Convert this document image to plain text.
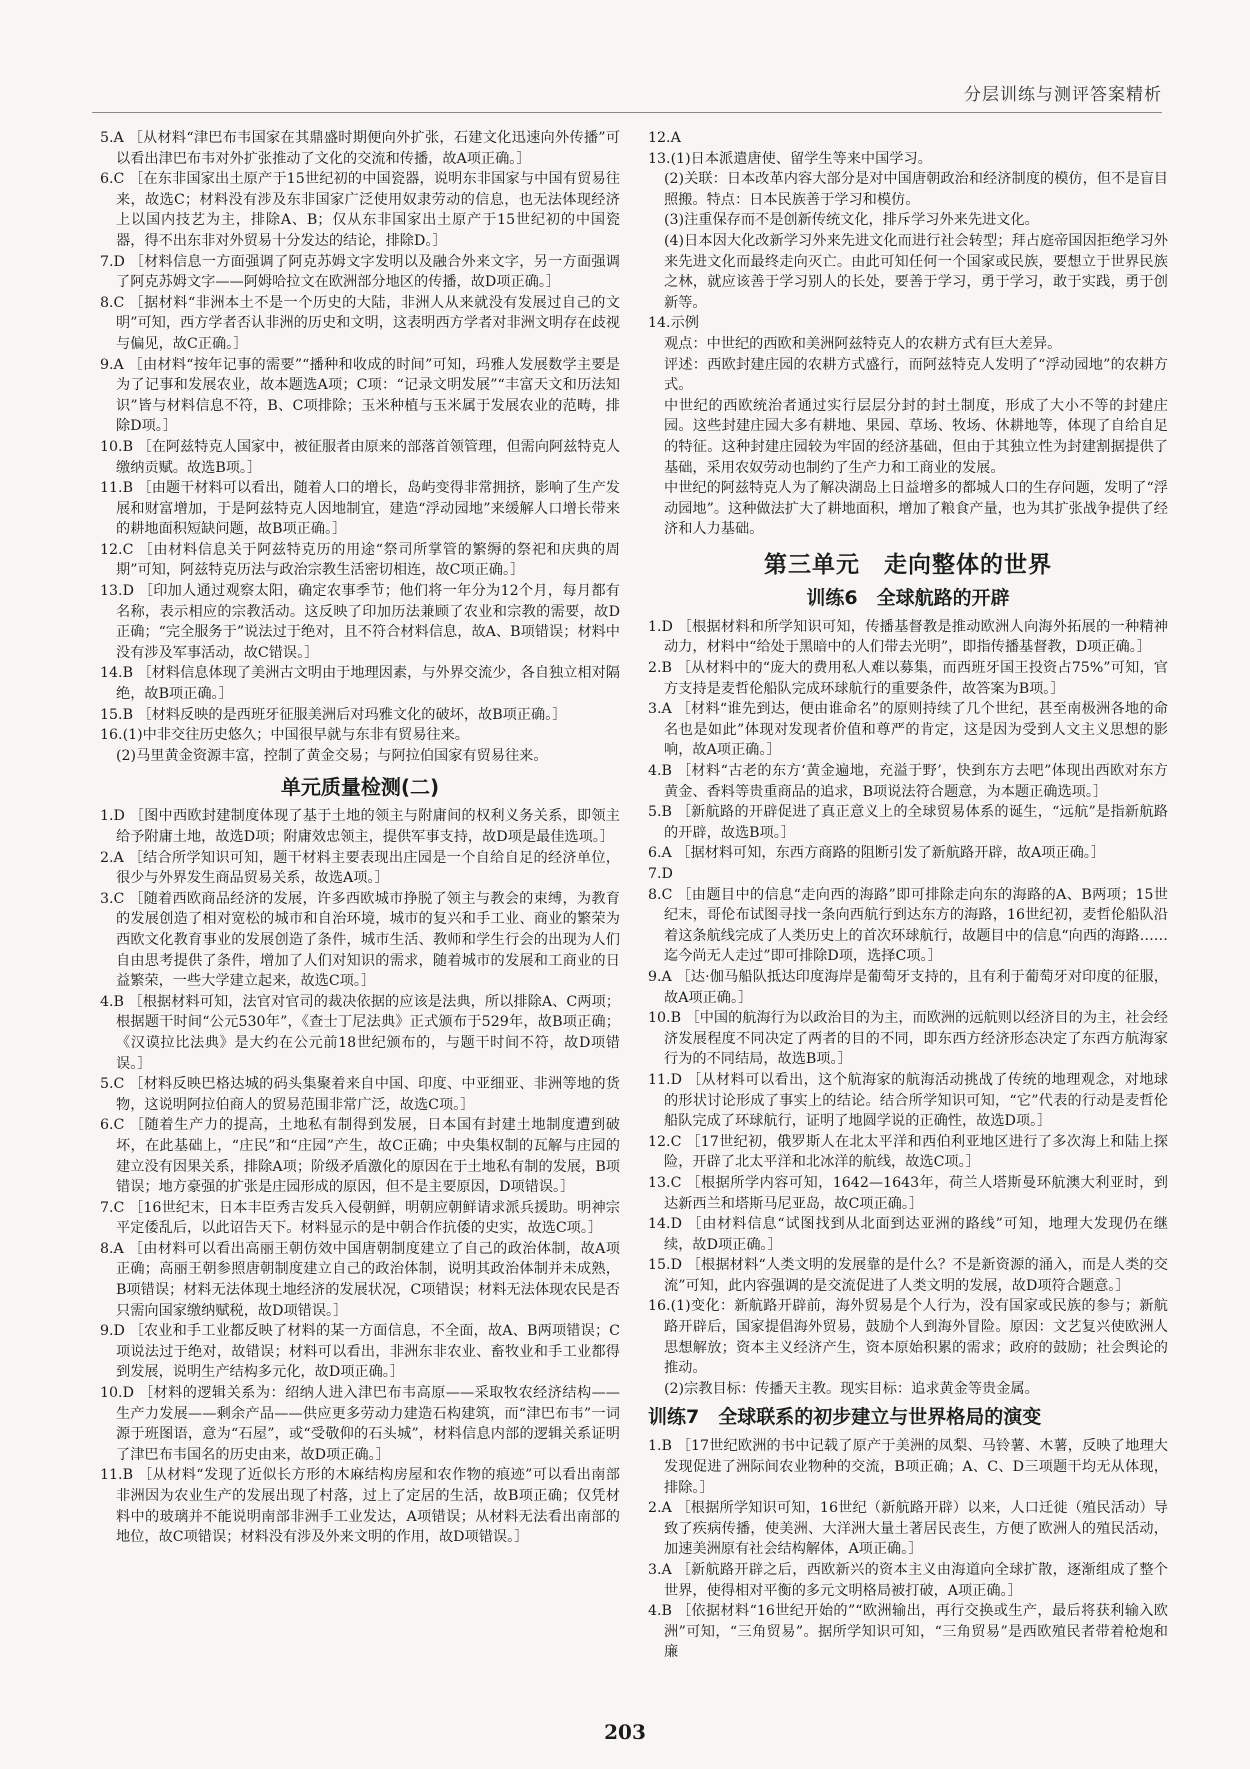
分层训练与测评答案精析

5.A ［从材料“津巴布韦国家在其鼎盛时期便向外扩张，石建文化迅速向外传播”可以看出津巴布韦对外扩张推动了文化的交流和传播，故A项正确。］

6.C ［在东非国家出土原产于15世纪初的中国瓷器，说明东非国家与中国有贸易往来，故选C；材料没有涉及东非国家广泛使用奴隶劳动的信息，也无法体现经济上以国内技艺为主，排除A、B；仅从东非国家出土原产于15世纪初的中国瓷器，得不出东非对外贸易十分发达的结论，排除D。］

7.D ［材料信息一方面强调了阿克苏姆文字发明以及融合外来文字，另一方面强调了阿克苏姆文字——阿姆哈拉文在欧洲部分地区的传播，故D项正确。］

8.C ［据材料“非洲本土不是一个历史的大陆，非洲人从来就没有发展过自己的文明”可知，西方学者否认非洲的历史和文明，这表明西方学者对非洲文明存在歧视与偏见，故C正确。］

9.A ［由材料“按年记事的需要”“播种和收成的时间”可知，玛雅人发展数学主要是为了记事和发展农业，故本题选A项；C项：“记录文明发展”“丰富天文和历法知识”皆与材料信息不符，B、C项排除；玉米种植与玉米属于发展农业的范畴，排除D项。］

10.B ［在阿兹特克人国家中，被征服者由原来的部落首领管理，但需向阿兹特克人缴纳贡赋。故选B项。］

11.B ［由题干材料可以看出，随着人口的增长，岛屿变得非常拥挤，影响了生产发展和财富增加，于是阿兹特克人因地制宜，建造“浮动园地”来缓解人口增长带来的耕地面积短缺问题，故B项正确。］

12.C ［由材料信息关于阿兹特克历的用途“祭司所掌管的繁缛的祭祀和庆典的周期”可知，阿兹特克历法与政治宗教生活密切相连，故C项正确。］

13.D ［印加人通过观察太阳，确定农事季节；他们将一年分为12个月，每月都有名称，表示相应的宗教活动。这反映了印加历法兼顾了农业和宗教的需要，故D正确；“完全服务于”说法过于绝对，且不符合材料信息，故A、B项错误；材料中没有涉及军事活动，故C错误。］

14.B ［材料信息体现了美洲古文明由于地理因素，与外界交流少，各自独立相对隔绝，故B项正确。］

15.B ［材料反映的是西班牙征服美洲后对玛雅文化的破坏，故B项正确。］

16.(1)中非交往历史悠久；中国很早就与东非有贸易往来。

(2)马里黄金资源丰富，控制了黄金交易；与阿拉伯国家有贸易往来。

单元质量检测(二)

1.D ［图中西欧封建制度体现了基于土地的领主与附庸间的权利义务关系，即领主给予附庸土地，故选D项；附庸效忠领主，提供军事支持，故D项是最佳选项。］

2.A ［结合所学知识可知，题干材料主要表现出庄园是一个自给自足的经济单位，很少与外界发生商品贸易关系，故选A项。］

3.C ［随着西欧商品经济的发展，许多西欧城市挣脱了领主与教会的束缚，为教育的发展创造了相对宽松的城市和自治环境，城市的复兴和手工业、商业的繁荣为西欧文化教育事业的发展创造了条件，城市生活、教师和学生行会的出现为人们自由思考提供了条件，增加了人们对知识的需求，随着城市的发展和工商业的日益繁荣，一些大学建立起来，故选C项。］

4.B ［根据材料可知，法官对官司的裁决依据的应该是法典，所以排除A、C两项；根据题干时间“公元530年”，《查士丁尼法典》正式颁布于529年，故B项正确；《汉谟拉比法典》是大约在公元前18世纪颁布的，与题干时间不符，故D项错误。］

5.C ［材料反映巴格达城的码头集聚着来自中国、印度、中亚细亚、非洲等地的货物，这说明阿拉伯商人的贸易范围非常广泛，故选C项。］

6.C ［随着生产力的提高，土地私有制得到发展，日本国有封建土地制度遭到破坏，在此基础上，“庄民”和“庄园”产生，故C正确；中央集权制的瓦解与庄园的建立没有因果关系，排除A项；阶级矛盾激化的原因在于土地私有制的发展，B项错误；地方豪强的扩张是庄园形成的原因，但不是主要原因，D项错误。］

7.C ［16世纪末，日本丰臣秀吉发兵入侵朝鲜，明朝应朝鲜请求派兵援助。明神宗平定倭乱后，以此诏告天下。材料显示的是中朝合作抗倭的史实，故选C项。］

8.A ［由材料可以看出高丽王朝仿效中国唐朝制度建立了自己的政治体制，故A项正确；高丽王朝参照唐朝制度建立自己的政治体制，说明其政治体制并未成熟，B项错误；材料无法体现土地经济的发展状况，C项错误；材料无法体现农民是否只需向国家缴纳赋税，故D项错误。］

9.D ［农业和手工业都反映了材料的某一方面信息，不全面，故A、B两项错误；C项说法过于绝对，故错误；材料可以看出，非洲东非农业、畜牧业和手工业都得到发展，说明生产结构多元化，故D项正确。］

10.D ［材料的逻辑关系为：绍纳人进入津巴布韦高原——采取牧农经济结构——生产力发展——剩余产品——供应更多劳动力建造石构建筑，而“津巴布韦”一词源于班图语，意为“石屋”，或“受敬仰的石头城”，材料信息内部的逻辑关系证明了津巴布韦国名的历史由来，故D项正确。］

11.B ［从材料“发现了近似长方形的木麻结构房屋和农作物的痕迹”可以看出南部非洲因为农业生产的发展出现了村落，过上了定居的生活，故B项正确；仅凭材料中的玻璃并不能说明南部非洲手工业发达，A项错误；从材料无法看出南部的地位，故C项错误；材料没有涉及外来文明的作用，故D项错误。］

12.A

13.(1)日本派遣唐使、留学生等来中国学习。

(2)关联：日本改革内容大部分是对中国唐朝政治和经济制度的模仿，但不是盲目照搬。特点：日本民族善于学习和模仿。

(3)注重保存而不是创新传统文化，排斥学习外来先进文化。

(4)日本因大化改新学习外来先进文化而进行社会转型；拜占庭帝国因拒绝学习外来先进文化而最终走向灭亡。由此可知任何一个国家或民族，要想立于世界民族之林，就应该善于学习别人的长处，要善于学习，勇于学习，敢于实践，勇于创新等。

14.示例

观点：中世纪的西欧和美洲阿兹特克人的农耕方式有巨大差异。

评述：西欧封建庄园的农耕方式盛行，而阿兹特克人发明了“浮动园地”的农耕方式。

中世纪的西欧统治者通过实行层层分封的封土制度，形成了大小不等的封建庄园。这些封建庄园大多有耕地、果园、草场、牧场、休耕地等，体现了自给自足的特征。这种封建庄园较为牢固的经济基础，但由于其独立性为封建割据提供了基础，采用农奴劳动也制约了生产力和工商业的发展。

中世纪的阿兹特克人为了解决湖岛上日益增多的都城人口的生存问题，发明了“浮动园地”。这种做法扩大了耕地面积，增加了粮食产量，也为其扩张战争提供了经济和人力基础。

第三单元　走向整体的世界
训练6　全球航路的开辟

1.D ［根据材料和所学知识可知，传播基督教是推动欧洲人向海外拓展的一种精神动力，材料中“给处于黑暗中的人们带去光明”，即指传播基督教，D项正确。］

2.B ［从材料中的“庞大的费用私人难以募集，而西班牙国王投资占75%”可知，官方支持是麦哲伦船队完成环球航行的重要条件，故答案为B项。］

3.A ［材料“谁先到达，便由谁命名”的原则持续了几个世纪，甚至南极洲各地的命名也是如此”体现对发现者价值和尊严的肯定，这是因为受到人文主义思想的影响，故A项正确。］

4.B ［材料“古老的东方‘黄金遍地，充溢于野’，快到东方去吧”体现出西欧对东方黄金、香料等贵重商品的追求，B项说法符合题意，为本题正确选项。］

5.B ［新航路的开辟促进了真正意义上的全球贸易体系的诞生，“远航”是指新航路的开辟，故选B项。］

6.A ［据材料可知，东西方商路的阻断引发了新航路开辟，故A项正确。］

7.D

8.C ［由题目中的信息“走向西的海路”即可排除走向东的海路的A、B两项；15世纪末，哥伦布试图寻找一条向西航行到达东方的海路，16世纪初，麦哲伦船队沿着这条航线完成了人类历史上的首次环球航行，故题目中的信息“向西的海路……迄今尚无人走过”即可排除D项，选择C项。］

9.A ［达·伽马船队抵达印度海岸是葡萄牙支持的，且有利于葡萄牙对印度的征服，故A项正确。］

10.B ［中国的航海行为以政治目的为主，而欧洲的远航则以经济目的为主，社会经济发展程度不同决定了两者的目的不同，即东西方经济形态决定了东西方航海家行为的不同结局，故选B项。］

11.D ［从材料可以看出，这个航海家的航海活动挑战了传统的地理观念，对地球的形状讨论形成了事实上的结论。结合所学知识可知，“它”代表的行动是麦哲伦船队完成了环球航行，证明了地圆学说的正确性，故选D项。］

12.C ［17世纪初，俄罗斯人在北太平洋和西伯利亚地区进行了多次海上和陆上探险，开辟了北太平洋和北冰洋的航线，故选C项。］

13.C ［根据所学内容可知，1642—1643年，荷兰人塔斯曼环航澳大利亚时，到达新西兰和塔斯马尼亚岛，故C项正确。］

14.D ［由材料信息“试图找到从北面到达亚洲的路线”可知，地理大发现仍在继续，故D项正确。］

15.D ［根据材料“人类文明的发展靠的是什么？不是新资源的涌入，而是人类的交流”可知，此内容强调的是交流促进了人类文明的发展，故D项符合题意。］

16.(1)变化：新航路开辟前，海外贸易是个人行为，没有国家或民族的参与；新航路开辟后，国家提倡海外贸易，鼓励个人到海外冒险。原因：文艺复兴使欧洲人思想解放；资本主义经济产生，资本原始积累的需求；政府的鼓励；社会舆论的推动。

(2)宗教目标：传播天主教。现实目标：追求黄金等贵金属。

训练7　全球联系的初步建立与世界格局的演变

1.B ［17世纪欧洲的书中记载了原产于美洲的凤梨、马铃薯、木薯，反映了地理大发现促进了洲际间农业物种的交流，B项正确；A、C、D三项题干均无从体现，排除。］

2.A ［根据所学知识可知，16世纪（新航路开辟）以来，人口迁徙（殖民活动）导致了疾病传播，使美洲、大洋洲大量土著居民丧生，方便了欧洲人的殖民活动，加速美洲原有社会结构解体，A项正确。］

3.A ［新航路开辟之后，西欧新兴的资本主义由海道向全球扩散，逐渐组成了整个世界，使得相对平衡的多元文明格局被打破，A项正确。］

4.B ［依据材料“16世纪开始的”“欧洲输出，再行交换或生产，最后将获利输入欧洲”可知，“三角贸易”。据所学知识可知，“三角贸易”是西欧殖民者带着枪炮和廉

203
